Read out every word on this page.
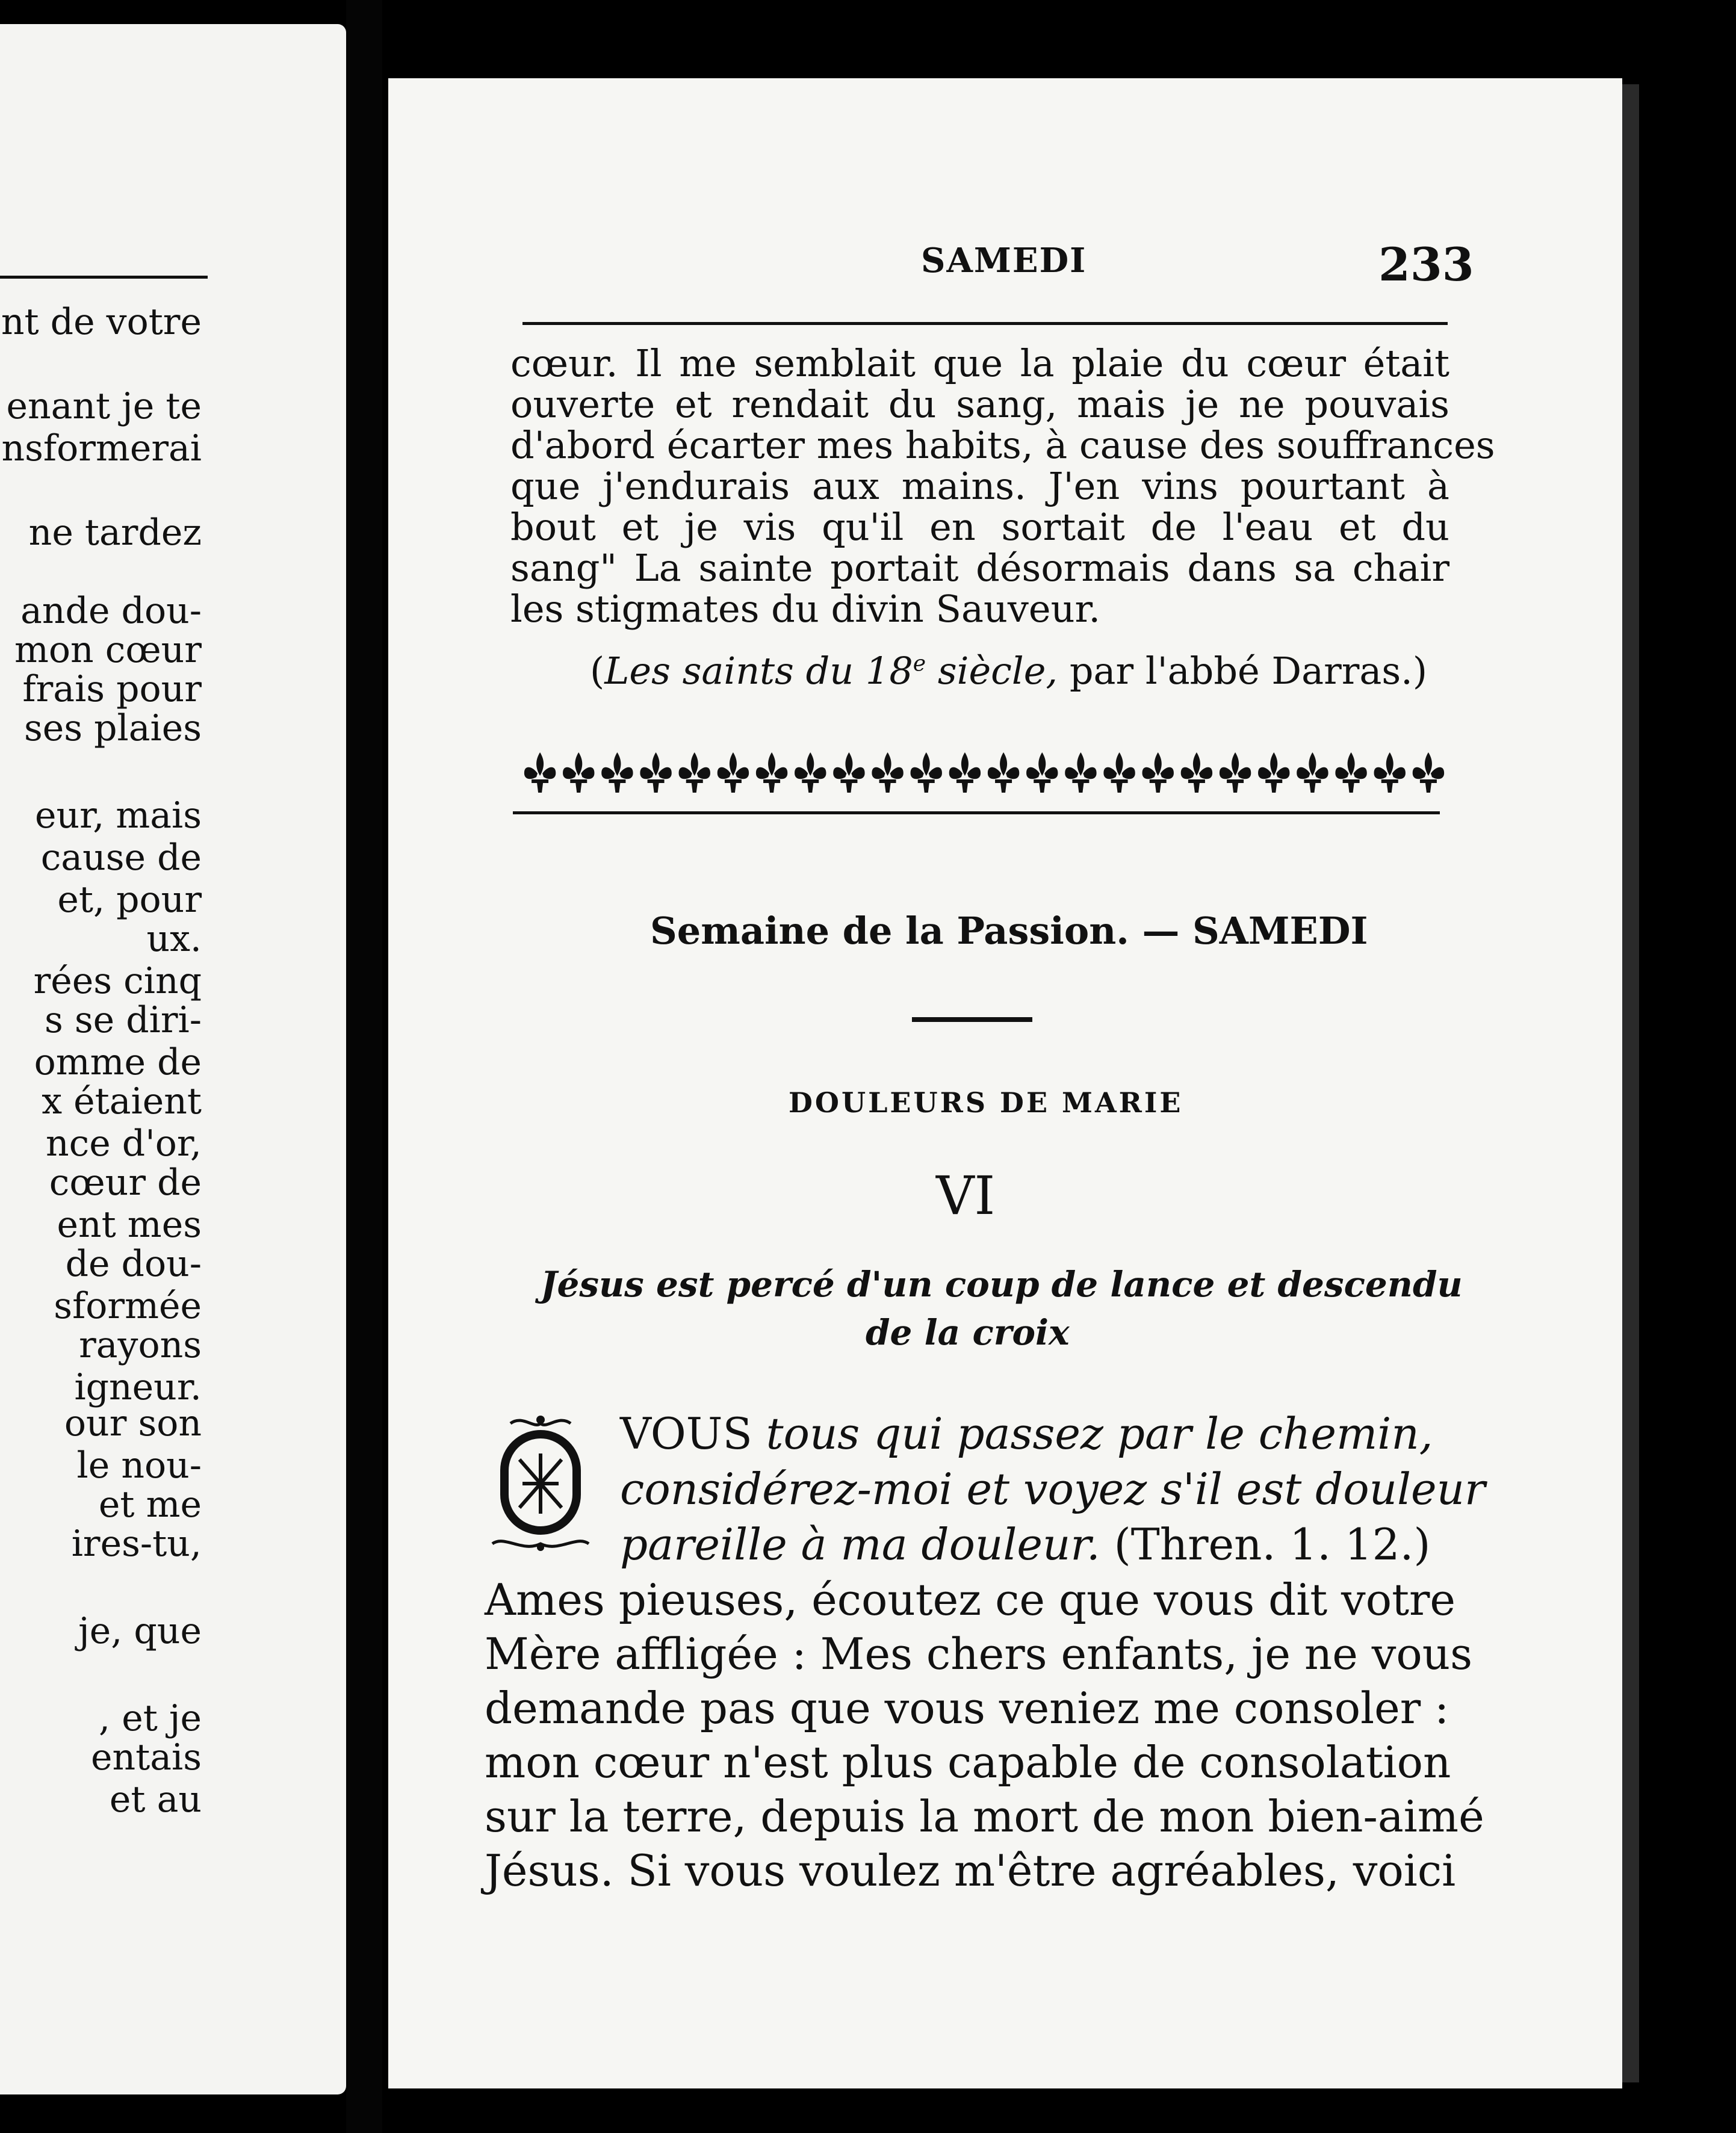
nt de votre
enant je te
nsformerai
ne tardez
ande dou-
mon cœur
frais pour
ses plaies
eur, mais
cause de
et, pour
ux.
rées cinq
s se diri-
omme de
x étaient
nce d'or,
cœur de
ent mes
de dou-
sformée
rayons
igneur.
our son
le nou-
et me
ires-tu,
je, que
, et je
entais
et au
SAMEDI	233
cœur. Il me semblait que la plaie du cœur était
ouverte et rendait du sang, mais je ne pouvais
d'abord écarter mes habits, à cause des souffrances
que j'endurais aux mains. J'en vins pourtant à
bout et je vis qu'il en sortait de l'eau et du
sang" La sainte portait désormais dans sa chair
les stigmates du divin Sauveur.
(Les saints du 18e siècle, par l'abbé Darras.)
Semaine de la Passion. — SAMEDI
DOULEURS DE MARIE
VI
Jésus est percé d'un coup de lance et descendu
de la croix
VOUS tous qui passez par le chemin,
considérez-moi et voyez s'il est douleur
pareille à ma douleur. (Thren. 1. 12.)
Ames pieuses, écoutez ce que vous dit votre
Mère affligée : Mes chers enfants, je ne vous
demande pas que vous veniez me consoler :
mon cœur n'est plus capable de consolation
sur la terre, depuis la mort de mon bien-aimé
Jésus. Si vous voulez m'être agréables, voici
